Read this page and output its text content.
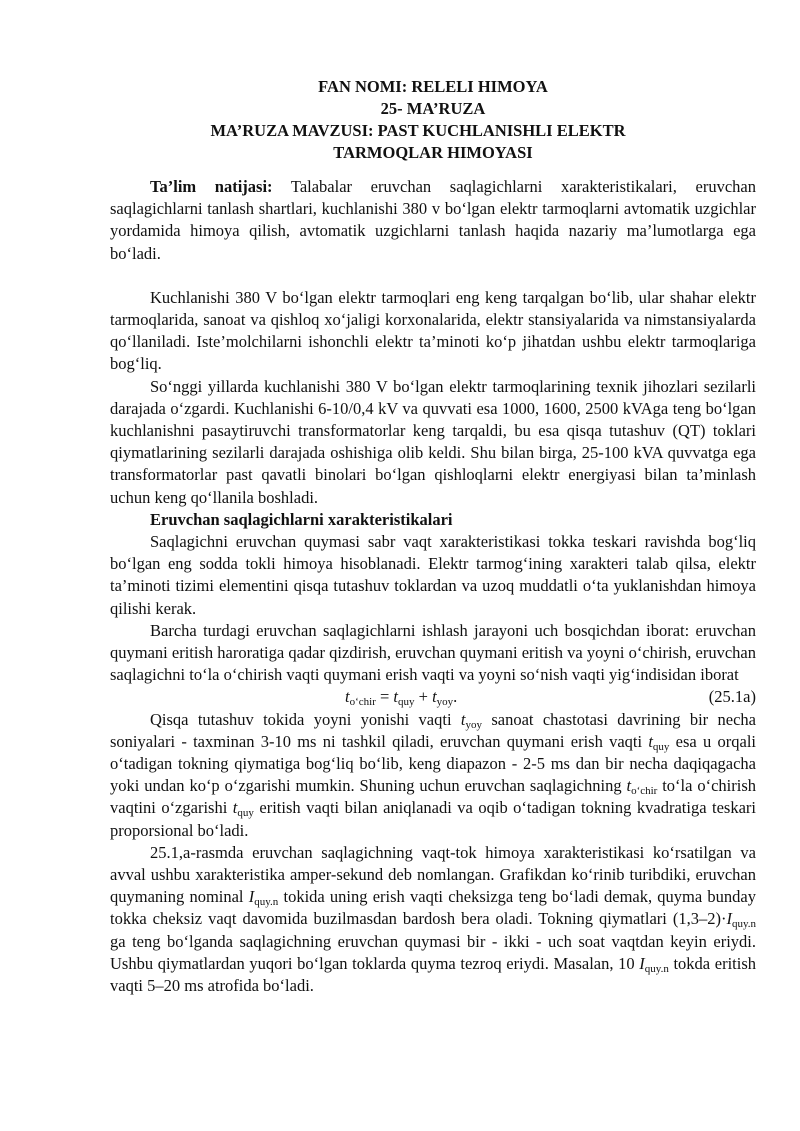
FAN NOMI: RELELI HIMOYA

25- MA’RUZA

MA’RUZA MAVZUSI: PAST KUCHLANISHLI ELEKTR

TARMOQLAR HIMOYASI

Ta’lim natijasi: Talabalar eruvchan saqlagichlarni xarakteristikalari, eruvchan saqlagichlarni tanlash shartlari, kuchlanishi 380 v bo‘lgan elektr tarmoqlarni avtomatik uzgichlar yordamida himoya qilish, avtomatik uzgichlarni tanlash haqida nazariy ma’lumotlarga ega bo‘ladi.

Kuchlanishi 380 V bo‘lgan elektr tarmoqlari eng keng tarqalgan bo‘lib, ular shahar elektr tarmoqlarida, sanoat va qishloq xo‘jaligi korxonalarida, elektr stansiyalarida va nimstansiyalarda qo‘llaniladi. Iste’molchilarni ishonchli elektr ta’minoti ko‘p jihatdan ushbu elektr tarmoqlariga bog‘liq.

So‘nggi yillarda kuchlanishi 380 V bo‘lgan elektr tarmoqlarining texnik jihozlari sezilarli darajada o‘zgardi. Kuchlanishi 6-10/0,4 kV va quvvati esa 1000, 1600, 2500 kVAga teng bo‘lgan kuchlanishni pasaytiruvchi transformatorlar keng tarqaldi, bu esa qisqa tutashuv (QT) toklari qiymatlarining sezilarli darajada oshishiga olib keldi. Shu bilan birga, 25-100 kVA quvvatga ega transformatorlar past qavatli binolari bo‘lgan qishloqlarni elektr energiyasi bilan ta’minlash uchun keng qo‘llanila boshladi.

Eruvchan saqlagichlarni xarakteristikalari

Saqlagichni eruvchan quymasi sabr vaqt xarakteristikasi tokka teskari ravishda bog‘liq bo‘lgan eng sodda tokli himoya hisoblanadi. Elektr tarmog‘ining xarakteri talab qilsa, elektr ta’minoti tizimi elementini qisqa tutashuv toklardan va uzoq muddatli o‘ta yuklanishdan himoya qilishi kerak.

Barcha turdagi eruvchan saqlagichlarni ishlash jarayoni uch bosqichdan iborat: eruvchan quymani eritish haroratiga qadar qizdirish, eruvchan quymani eritish va yoyni o‘chirish, eruvchan saqlagichni to‘la o‘chirish vaqti quymani erish vaqti va yoyni so‘nish vaqti yig‘indisidan iborat

$t_{o‘chir} = t_{quy} + t_{yoy}$.	(25.1a)

Qisqa tutashuv tokida yoyni yonishi vaqti $t_{yoy}$ sanoat chastotasi davrining bir necha soniyalari - taxminan 3-10 ms ni tashkil qiladi, eruvchan quymani erish vaqti $t_{quy}$ esa u orqali o‘tadigan tokning qiymatiga bog‘liq bo‘lib, keng diapazon - 2-5 ms dan bir necha daqiqagacha yoki undan ko‘p o‘zgarishi mumkin. Shuning uchun eruvchan saqlagichning $t_{o‘chir}$ to‘la o‘chirish vaqtini o‘zgarishi $t_{quy}$ eritish vaqti bilan aniqlanadi va oqib o‘tadigan tokning kvadratiga teskari proporsional bo‘ladi.

25.1,a-rasmda eruvchan saqlagichning vaqt-tok himoya xarakteristikasi ko‘rsatilgan va avval ushbu xarakteristika amper-sekund deb nomlangan. Grafikdan ko‘rinib turibdiki, eruvchan quymaning nominal $I_{quy.n}$ tokida uning erish vaqti cheksizga teng bo‘ladi demak, quyma bunday tokka cheksiz vaqt davomida buzilmasdan bardosh bera oladi. Tokning qiymatlari $(1,3-2)\cdot I_{quy.n}$ ga teng bo‘lganda saqlagichning eruvchan quymasi bir - ikki - uch soat vaqtdan keyin eriydi. Ushbu qiymatlardan yuqori bo‘lgan toklarda quyma tezroq eriydi. Masalan, 10 $I_{quy.n}$ tokda eritish vaqti 5–20 ms atrofida bo‘ladi.
